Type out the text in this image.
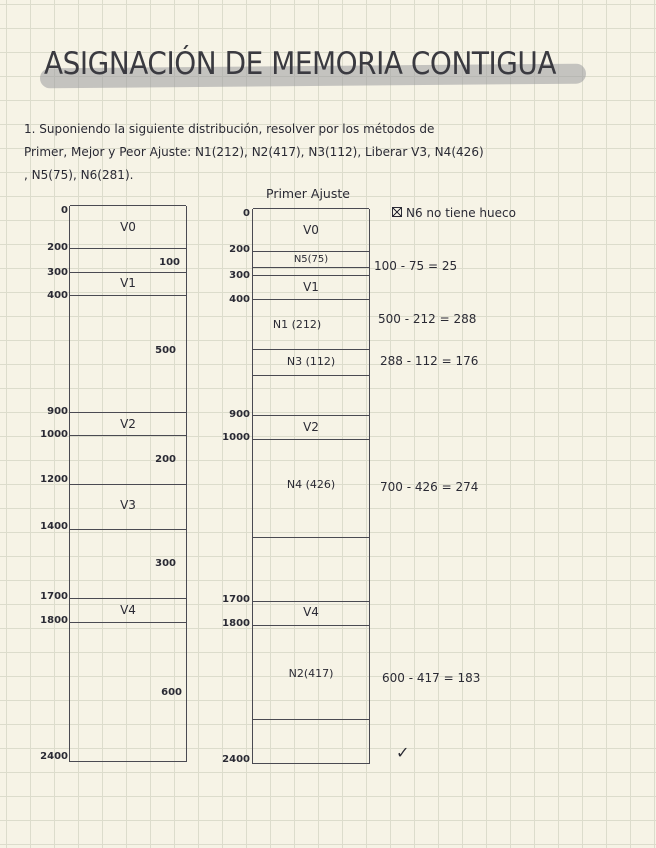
ASIGNACIÓN DE MEMORIA CONTIGUA
1. Suponiendo la siguiente distribución, resolver por los métodos de
Primer, Mejor y Peor Ajuste: N1(212), N2(417), N3(112), Liberar V3, N4(426)
, N5(75), N6(281).
Primer Ajuste
N6 no tiene hueco
0
200
300
400
900
1000
1200
1400
1700
1800
2400
V0
V1
V2
V3
V4
100
500
200
300
600
0
200
300
400
900
1000
1700
1800
2400
V0
N5(75)
V1
N1 (212)
N3 (112)
V2
N4 (426)
V4
N2(417)
100 - 75 = 25
500 - 212 = 288
288 - 112 = 176
700 - 426 = 274
600 - 417 = 183
✓
